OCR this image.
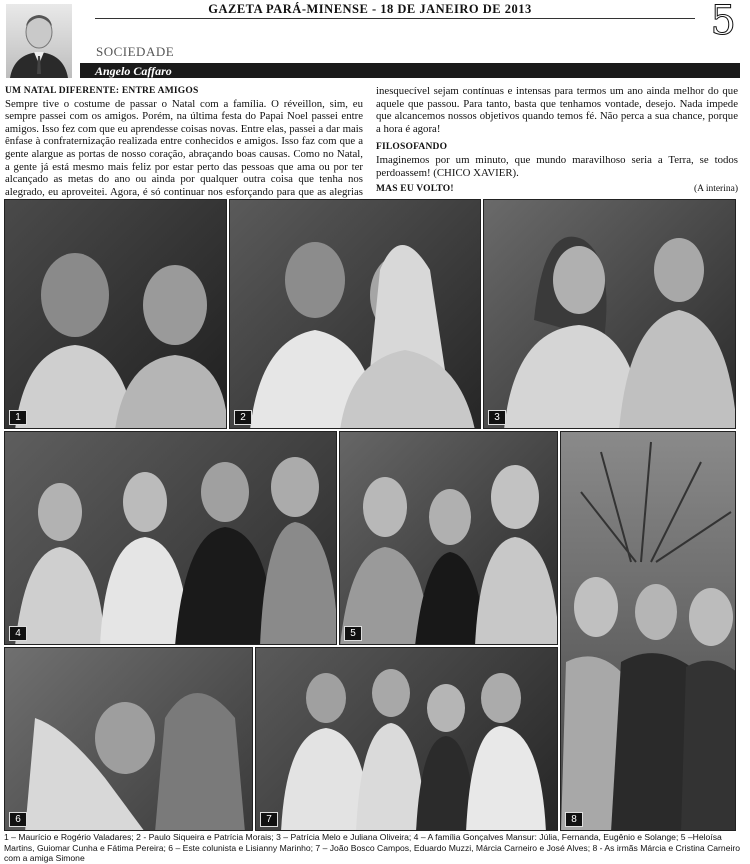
GAZETA PARÁ-MINENSE - 18 DE JANEIRO DE 2013	5
SOCIEDADE
Angelo Caffaro
UM NATAL DIFERENTE: ENTRE AMIGOS

Sempre tive o costume de passar o Natal com a família. O réveillon, sim, eu sempre passei com os amigos. Porém, na última festa do Papai Noel passei entre amigos. Isso fez com que eu aprendesse coisas novas. Entre elas, passei a dar mais ênfase à confraternização realizada entre conhecidos e amigos. Isso faz com que a gente alargue as portas de nosso coração, abraçando boas causas. Como no Natal, a gente já está mesmo mais feliz por estar perto das pessoas que ama ou por ter alcançado as metas do ano ou ainda por qualquer outra coisa que tenha nos alegrado, eu aproveitei. Agora, é só continuar nos esforçando para que as alegrias

inesquecível sejam contínuas e intensas para termos um ano ainda melhor do que aquele que passou. Para tanto, basta que tenhamos vontade, desejo. Nada impede que alcancemos nossos objetivos quando temos fé. Não perca a sua chance, porque a hora é agora!

FILOSOFANDO

Imaginemos por um minuto, que mundo maravilhoso seria a Terra, se todos perdoassem! (CHICO XAVIER).

MAS EU VOLTO!	(A interina)
1	2	3
4	5
8
6	7
1 – Maurício e Rogério Valadares; 2 - Paulo Siqueira e Patrícia Morais; 3 – Patrícia Melo e Juliana Oliveira; 4 – A família Gonçalves Mansur: Júlia, Fernanda, Eugênio e Solange; 5 –Heloísa Martins, Guiomar Cunha e Fátima Pereira; 6 – Este colunista e Lisianny Marinho; 7 – João Bosco Campos, Eduardo Muzzi, Márcia Carneiro e José Alves; 8 - As irmãs Márcia e Cristina Carneiro com a amiga Simone
